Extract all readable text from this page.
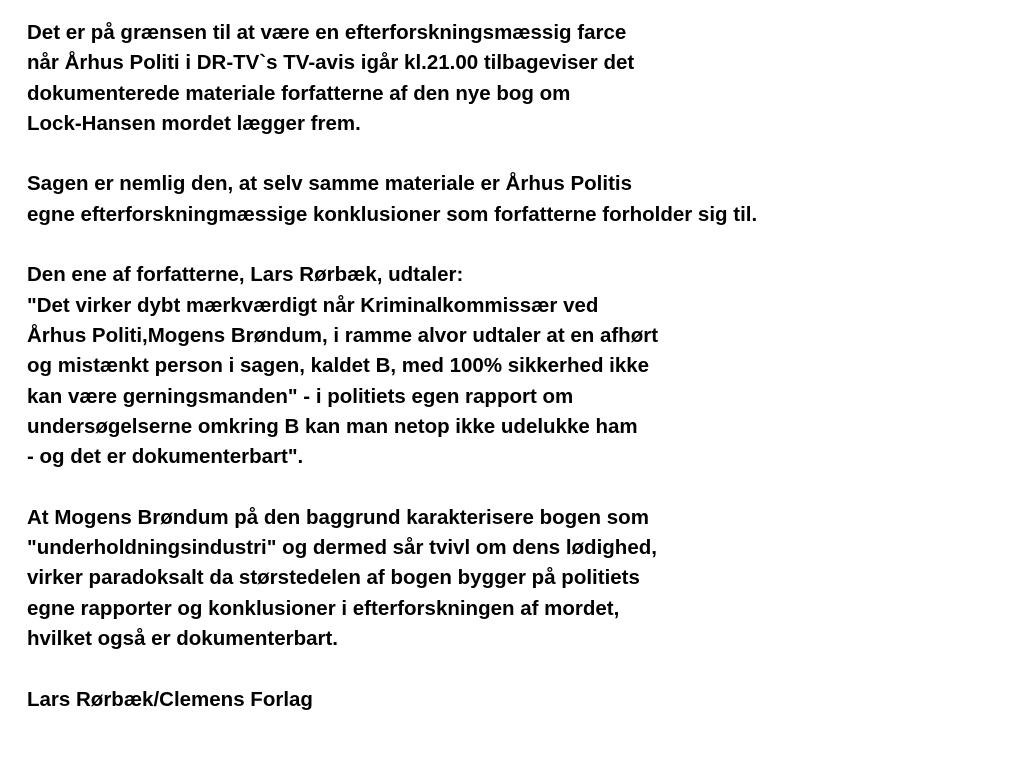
Det er på grænsen til at være en efterforskningsmæssig farce
når Århus Politi i DR-TV`s TV-avis igår kl.21.00 tilbageviser det
dokumenterede materiale forfatterne af den nye bog om
Lock-Hansen mordet lægger frem.

Sagen er nemlig den, at selv samme materiale er Århus Politis
egne efterforskningmæssige konklusioner som forfatterne forholder sig til.

Den ene af forfatterne, Lars Rørbæk, udtaler:
"Det virker dybt mærkværdigt når Kriminalkommissær ved
Århus Politi,Mogens Brøndum, i ramme alvor udtaler at en afhørt
og mistænkt person i sagen, kaldet B, med 100% sikkerhed ikke
kan være gerningsmanden" - i politiets egen rapport om
undersøgelserne omkring B kan man netop ikke udelukke ham
- og det er dokumenterbart".

At Mogens Brøndum på den baggrund karakterisere bogen som
"underholdningsindustri" og dermed sår tvivl om dens lødighed,
virker paradoksalt da størstedelen af bogen bygger på politiets
egne rapporter og konklusioner i efterforskningen af mordet,
hvilket også er dokumenterbart.

Lars Rørbæk/Clemens Forlag
